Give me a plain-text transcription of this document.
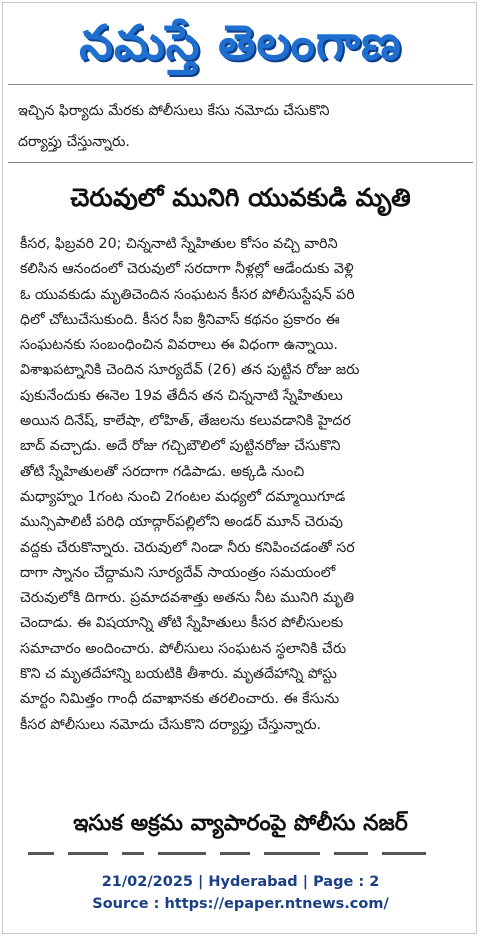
నమస్తే తెలంగాణ
ఇచ్చిన ఫిర్యాదు మేరకు పోలీసులు కేసు నమోదు చేసుకొని
దర్యాప్తు చేస్తున్నారు.
చెరువులో మునిగి యువకుడి మృతి
కీసర, ఫిబ్రవరి 20; చిన్ననాటి స్నేహితుల కోసం వచ్చి వారిని
కలిసిన ఆనందంలో చెరువులో సరదాగా నీళ్లల్లో ఆడేందుకు వెళ్లి
ఓ యువకుడు మృతిచెందిన సంఘటన కీసర పోలీసుస్టేషన్ పరి
ధిలో చోటుచేసుకుంది. కీసర సీఐ శ్రీనివాస్ కథనం ప్రకారం ఈ
సంఘటనకు సంబంధించిన వివరాలు ఈ విధంగా ఉన్నాయి.
విశాఖపట్నానికి చెందిన సూర్యదేవ్ (26) తన పుట్టిన రోజు జరు
పుకునేందుకు ఈనెల 19వ తేదీన తన చిన్ననాటి స్నేహితులు
అయిన దినేష్, కాలేషా, లోహిత్, తేజలను కలువడానికి హైదర
బాద్ వచ్చాడు. అదే రోజు గచ్చిబౌలిలో పుట్టినరోజు చేసుకొని
తోటి స్నేహితులతో సరదాగా గడిపాడు. అక్కడి నుంచి
మధ్యాహ్నం 1గంట నుంచి 2గంటల మధ్యలో దమ్మాయిగూడ
మున్సిపాలిటీ పరిధి యాద్గార్‌పల్లిలోని అండర్ మూన్ చెరువు
వద్దకు చేరుకొన్నారు. చెరువులో నిండా నీరు కనిపించడంతో సర
దాగా స్నానం చేద్దామని సూర్యదేవ్ సాయంత్రం సమయంలో
చెరువులోకి దిగారు. ప్రమాదవశాత్తు అతను నీట మునిగి మృతి
చెందాడు. ఈ విషయాన్ని తోటి స్నేహితులు కీసర పోలీసులకు
సమాచారం అందించారు. పోలీసులు సంఘటన స్థలానికి చేరు
కొని చ మృతదేహాన్ని బయటికి తీశారు. మృతదేహాన్ని పోస్టు
మార్టం నిమిత్తం గాంధీ దవాఖానకు తరలించారు. ఈ కేసును
కీసర పోలీసులు నమోదు చేసుకొని దర్యాప్తు చేస్తున్నారు.
ఇసుక అక్రమ వ్యాపారంపై పోలీసు నజర్
21/02/2025 | Hyderabad | Page : 2
Source : https://epaper.ntnews.com/
